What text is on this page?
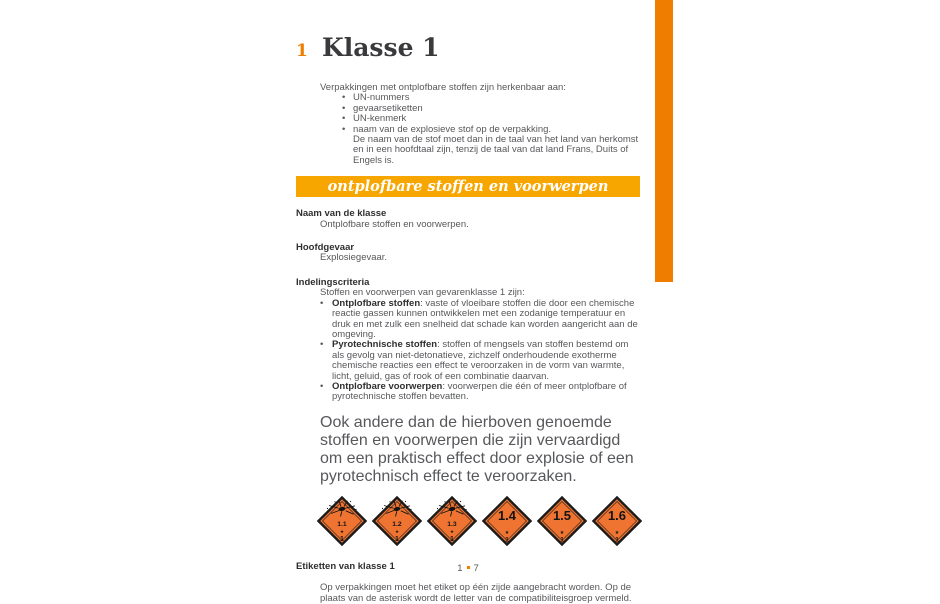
1 Klasse 1

Verpakkingen met ontplofbare stoffen zijn herkenbaar aan:

• UN-nummers
• gevaarsetiketten
• UN-kenmerk
• naam van de explosieve stof op de verpakking.

De naam van de stof moet dan in de taal van het land van herkomst en in een hoofdtaal zijn, tenzij de taal van dat land Frans, Duits of Engels is.

ontplofbare stoffen en voorwerpen
Naam van de klasse

Ontplofbare stoffen en voorwerpen.

Hoofdgevaar

Explosiegevaar.

Indelingscriteria

Stoffen en voorwerpen van gevarenklasse 1 zijn:

• Ontplofbare stoffen: vaste of vloeibare stoffen die door een chemische reactie gassen kunnen ontwikkelen met een zodanige temperatuur en druk en met zulk een snelheid dat schade kan worden aangericht aan de omgeving.
• Pyrotechnische stoffen: stoffen of mengsels van stoffen bestemd om als gevolg van niet-detonatieve, zichzelf onderhoudende exotherme chemische reacties een effect te veroorzaken in de vorm van warmte, licht, geluid, gas of rook of een combinatie daarvan.
• Ontplofbare voorwerpen: voorwerpen die één of meer ontplofbare of pyrotechnische stoffen bevatten.

Ook andere dan de hierboven genoemde stoffen en voorwerpen die zijn vervaardigd om een praktisch effect door explosie of een pyrotechnisch effect te veroorzaken.

1.1
★
1
1.2
★
1
1.3
★
1
1.4
★
1
1.5
★
1
1.6
★
1
Etiketten van klasse 1

Op verpakkingen moet het etiket op één zijde aangebracht worden. Op de plaats van de asterisk wordt de letter van de compatibiliteisgroep vermeld.

1 7
